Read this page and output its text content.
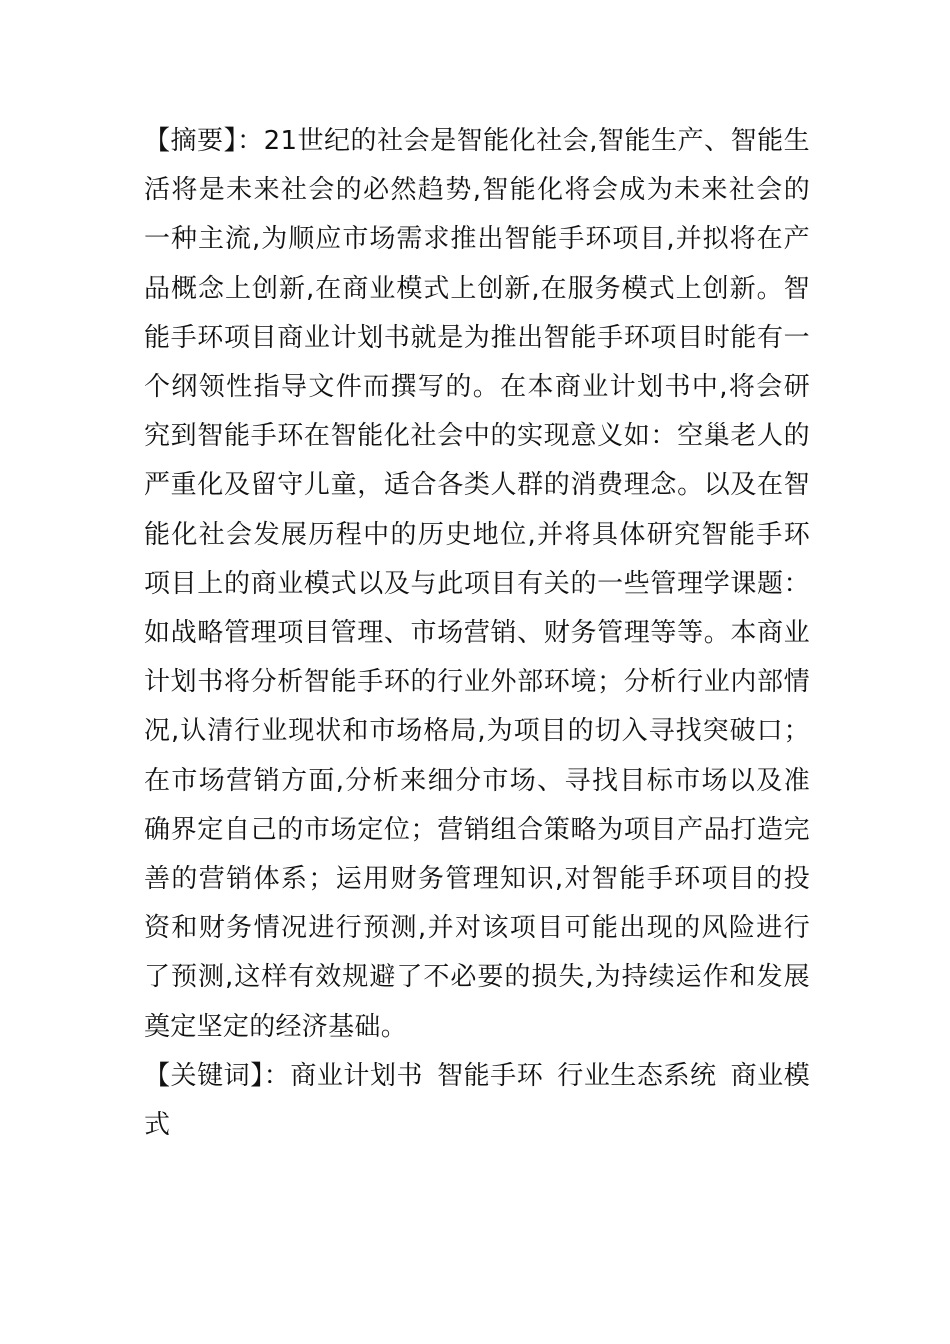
【摘要】：21世纪的社会是智能化社会,智能生产、智能生活将是未来社会的必然趋势,智能化将会成为未来社会的一种主流,为顺应市场需求推出智能手环项目,并拟将在产品概念上创新,在商业模式上创新,在服务模式上创新。智能手环项目商业计划书就是为推出智能手环项目时能有一个纲领性指导文件而撰写的。在本商业计划书中,将会研究到智能手环在智能化社会中的实现意义如：空巢老人的严重化及留守儿童，适合各类人群的消费理念。以及在智能化社会发展历程中的历史地位,并将具体研究智能手环项目上的商业模式以及与此项目有关的一些管理学课题：如战略管理项目管理、市场营销、财务管理等等。本商业计划书将分析智能手环的行业外部环境；分析行业内部情况,认清行业现状和市场格局,为项目的切入寻找突破口；在市场营销方面,分析来细分市场、寻找目标市场以及准确界定自己的市场定位；营销组合策略为项目产品打造完善的营销体系；运用财务管理知识,对智能手环项目的投资和财务情况进行预测,并对该项目可能出现的风险进行了预测,这样有效规避了不必要的损失,为持续运作和发展奠定坚定的经济基础。

【关键词】：商业计划书 智能手环 行业生态系统 商业模式
